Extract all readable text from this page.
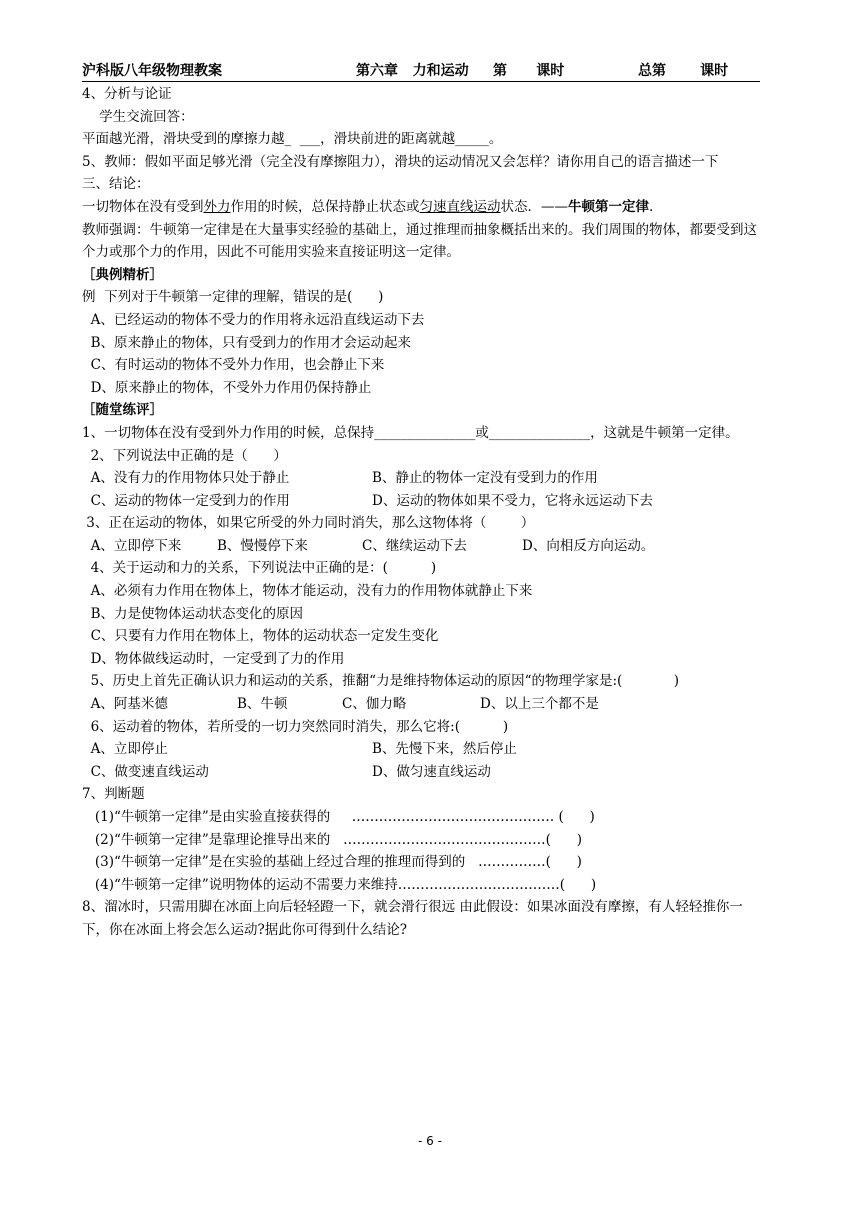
沪科版八年级物理教案	第六章   力和运动     第      课时	总第       课时
4、分析与论证
学生交流回答：
平面越光滑，滑块受到的摩擦力越_  ___，滑块前进的距离就越_____。
5、教师：假如平面足够光滑（完全没有摩擦阻力），滑块的运动情况又会怎样？请你用自己的语言描述一下
三、结论：
一切物体在没有受到外力作用的时候，总保持静止状态或匀速直线运动状态．——牛顿第一定律.
教师强调：牛顿第一定律是在大量事实经验的基础上，通过推理而抽象概括出来的。我们周围的物体，都要受到这个力或那个力的作用，因此不可能用实验来直接证明这一定律。
［典例精析］
例  下列对于牛顿第一定律的理解，错误的是(      )
A、已经运动的物体不受力的作用将永远沿直线运动下去
B、原来静止的物体，只有受到力的作用才会运动起来
C、有时运动的物体不受外力作用，也会静止下来
D、原来静止的物体，不受外力作用仍保持静止
［随堂练评］
1、一切物体在没有受到外力作用的时候，总保持_______________或_______________，这就是牛顿第一定律。
2、下列说法中正确的是（      ）
A、没有力的作用物体只处于静止	B、静止的物体一定没有受到力的作用
C、运动的物体一定受到力的作用	D、运动的物体如果不受力，它将永远运动下去
3、正在运动的物体，如果它所受的外力同时消失，那么这物体将（        ）
A、立即停下来	B、慢慢停下来	C、继续运动下去	D、向相反方向运动。
4、关于运动和力的关系，下列说法中正确的是：(          )
A、必须有力作用在物体上，物体才能运动，没有力的作用物体就静止下来
B、力是使物体运动状态变化的原因
C、只要有力作用在物体上，物体的运动状态一定发生变化
D、物体做线运动时，一定受到了力的作用
5、历史上首先正确认识力和运动的关系，推翻“力是维持物体运动的原因“的物理学家是:(            )
A、阿基米德	B、牛顿	C、伽力略	D、以上三个都不是
6、运动着的物体，若所受的一切力突然同时消失，那么它将:(          )
A、立即停止	B、先慢下来，然后停止
C、做变速直线运动	D、做匀速直线运动
7、判断题
(1)“牛顿第一定律”是由实验直接获得的     ……………………………………… (      )
(2)“牛顿第一定律”是靠理论推导出来的   ………………………………………(      )
(3)“牛顿第一定律”是在实验的基础上经过合理的推理而得到的   ……………(      )
(4)“牛顿第一定律”说明物体的运动不需要力来维持………………………………(      )
8、溜冰时，只需用脚在冰面上向后轻轻蹬一下，就会滑行很远 由此假设：如果冰面没有摩擦，有人轻轻推你一下，你在冰面上将会怎么运动?据此你可得到什么结论?
- 6 -
